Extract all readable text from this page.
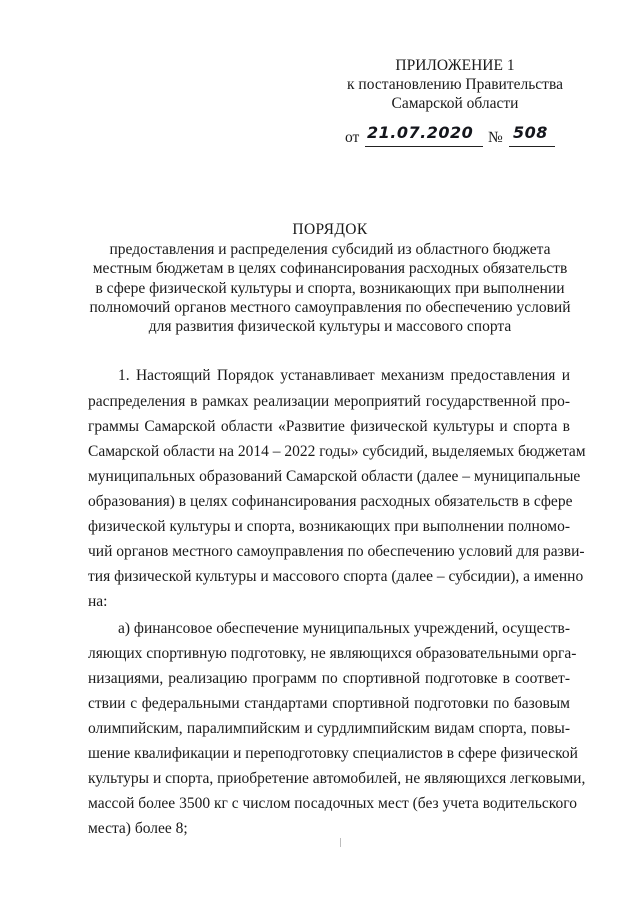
ПРИЛОЖЕНИЕ 1
к постановлению Правительства
Самарской области
от 21.07.2020 № 508
ПОРЯДОК
предоставления и распределения субсидий из областного бюджета
местным бюджетам в целях софинансирования расходных обязательств
в сфере физической культуры и спорта, возникающих при выполнении
полномочий органов местного самоуправления по обеспечению условий
для развития физической культуры и массового спорта
1. Настоящий Порядок устанавливает механизм предоставления и
распределения в рамках реализации мероприятий государственной про-
граммы Самарской области «Развитие физической культуры и спорта в
Самарской области на 2014 – 2022 годы» субсидий, выделяемых бюджетам
муниципальных образований Самарской области (далее – муниципальные
образования) в целях софинансирования расходных обязательств в сфере
физической культуры и спорта, возникающих при выполнении полномо-
чий органов местного самоуправления по обеспечению условий для разви-
тия физической культуры и массового спорта (далее – субсидии), а именно
на:
а) финансовое обеспечение муниципальных учреждений, осуществ-
ляющих спортивную подготовку, не являющихся образовательными орга-
низациями, реализацию программ по спортивной подготовке в соответ-
ствии с федеральными стандартами спортивной подготовки по базовым
олимпийским, паралимпийским и сурдлимпийским видам спорта, повы-
шение квалификации и переподготовку специалистов в сфере физической
культуры и спорта, приобретение автомобилей, не являющихся легковыми,
массой более 3500 кг с числом посадочных мест (без учета водительского
места) более 8;
